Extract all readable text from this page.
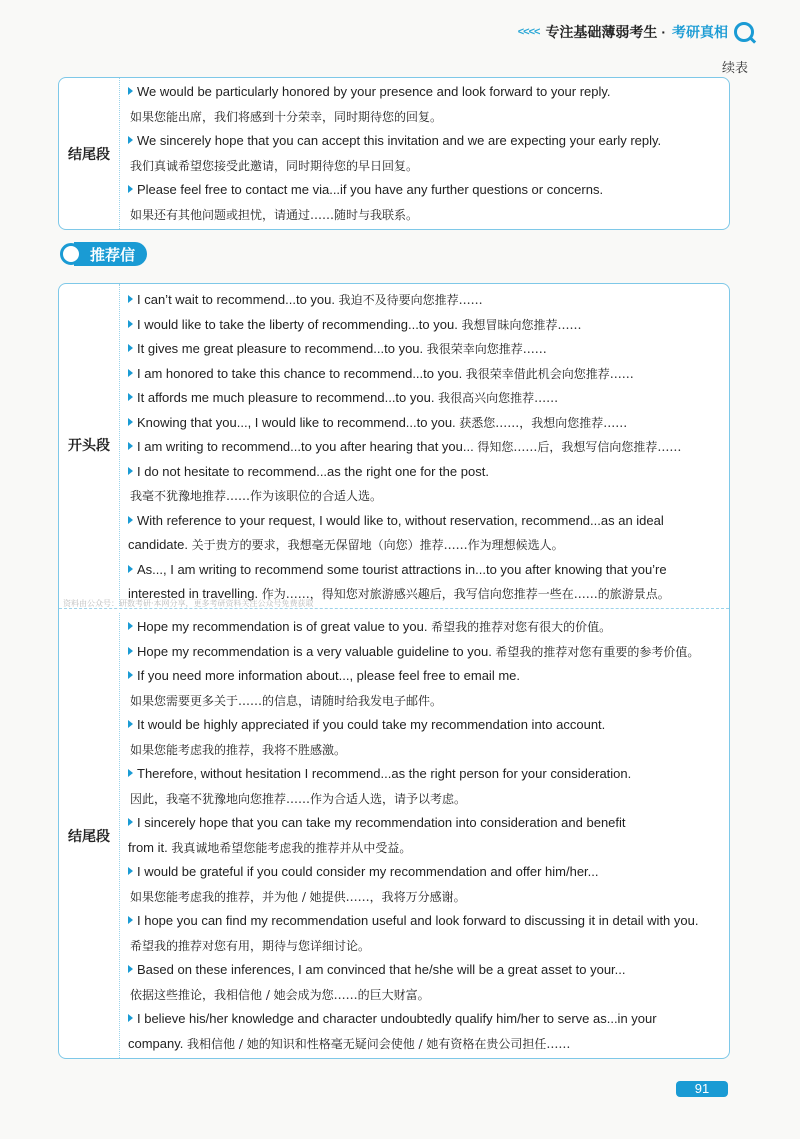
<<<< 专注基础薄弱考生 · 考研真相
续表
结尾段
We would be particularly honored by your presence and look forward to your reply.
如果您能出席，我们将感到十分荣幸，同时期待您的回复。
We sincerely hope that you can accept this invitation and we are expecting your early reply.
我们真诚希望您接受此邀请，同时期待您的早日回复。
Please feel free to contact me via...if you have any further questions or concerns.
如果还有其他问题或担忧，请通过……随时与我联系。
推荐信
开头段
I can’t wait to recommend...to you. 我迫不及待要向您推荐……
I would like to take the liberty of recommending...to you. 我想冒昧向您推荐……
It gives me great pleasure to recommend...to you. 我很荣幸向您推荐……
I am honored to take this chance to recommend...to you. 我很荣幸借此机会向您推荐……
It affords me much pleasure to recommend...to you. 我很高兴向您推荐……
Knowing that you..., I would like to recommend...to you. 获悉您……，我想向您推荐……
I am writing to recommend...to you after hearing that you... 得知您……后，我想写信向您推荐……
I do not hesitate to recommend...as the right one for the post.
我毫不犹豫地推荐……作为该职位的合适人选。
With reference to your request, I would like to, without reservation, recommend...as an ideal
candidate. 关于贵方的要求，我想毫无保留地（向您）推荐……作为理想候选人。
As..., I am writing to recommend some tourist attractions in...to you after knowing that you’re
interested in travelling. 作为……，得知您对旅游感兴趣后，我写信向您推荐一些在……的旅游景点。
资料由公众号：研数考研·本网分享，更多考研资料关注公众号免费获取
结尾段
Hope my recommendation is of great value to you. 希望我的推荐对您有很大的价值。
Hope my recommendation is a very valuable guideline to you. 希望我的推荐对您有重要的参考价值。
If you need more information about..., please feel free to email me.
如果您需要更多关于……的信息，请随时给我发电子邮件。
It would be highly appreciated if you could take my recommendation into account.
如果您能考虑我的推荐，我将不胜感激。
Therefore, without hesitation I recommend...as the right person for your consideration.
因此，我毫不犹豫地向您推荐……作为合适人选，请予以考虑。
I sincerely hope that you can take my recommendation into consideration and benefit
from it. 我真诚地希望您能考虑我的推荐并从中受益。
I would be grateful if you could consider my recommendation and offer him/her...
如果您能考虑我的推荐，并为他 / 她提供……，我将万分感谢。
I hope you can find my recommendation useful and look forward to discussing it in detail with you.
希望我的推荐对您有用，期待与您详细讨论。
Based on these inferences, I am convinced that he/she will be a great asset to your...
依据这些推论，我相信他 / 她会成为您……的巨大财富。
I believe his/her knowledge and character undoubtedly qualify him/her to serve as...in your
company. 我相信他 / 她的知识和性格毫无疑问会使他 / 她有资格在贵公司担任……
91
